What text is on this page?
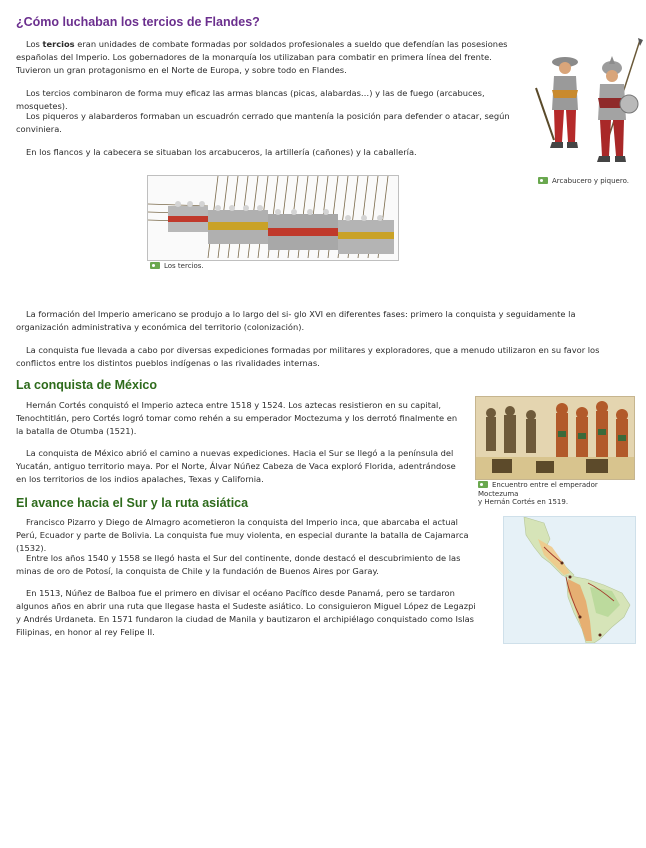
¿Cómo luchaban los tercios de Flandes?

Los tercios eran unidades de combate formadas por soldados profesionales a sueldo que defendían las posesiones españolas del Imperio. Los gobernadores de la monarquía los utilizaban para combatir en primera línea del frente. Tuvieron un gran protagonismo en el Norte de Europa, y sobre todo en Flandes.

Los tercios combinaron de forma muy eficaz las armas blancas (picas, alabardas…) y las de fuego (arcabuces, mosquetes).

Los piqueros y alabarderos formaban un escuadrón cerrado que mantenía la posición para defender o atacar, según conviniera.

En los flancos y la cabecera se situaban los arcabuceros, la artillería (cañones) y la caballería.

Arcabucero y piquero.
Los tercios.

La formación del Imperio americano se produjo a lo largo del si- glo XVI en diferentes fases: primero la conquista y seguidamente la organización administrativa y económica del territorio (colonización).

La conquista fue llevada a cabo por diversas expediciones formadas por militares y exploradores, que a menudo utilizaron en su favor los conflictos entre los distintos pueblos indígenas o las rivalidades internas.

La conquista de México

Hernán Cortés conquistó el Imperio azteca entre 1518 y 1524. Los aztecas resistieron en su capital, Tenochtitlán, pero Cortés logró tomar como rehén a su emperador Moctezuma y los derrotó finalmente en la batalla de Otumba (1521).

La conquista de México abrió el camino a nuevas expediciones. Hacia el Sur se llegó a la península del Yucatán, antiguo territorio maya. Por el Norte, Álvar Núñez Cabeza de Vaca exploró Florida, adentrándose en los territorios de los indios apalaches, Texas y California.

Encuentro entre el emperador Moctezuma
y Hernán Cortés en 1519.
El avance hacia el Sur y la ruta asiática

Francisco Pizarro y Diego de Almagro acometieron la conquista del Imperio inca, que abarcaba el actual Perú, Ecuador y parte de Bolivia. La conquista fue muy violenta, en especial durante la batalla de Cajamarca (1532).

Entre los años 1540 y 1558 se llegó hasta el Sur del continente, donde destacó el descubrimiento de las minas de oro de Potosí, la conquista de Chile y la fundación de Buenos Aires por Garay.

En 1513, Núñez de Balboa fue el primero en divisar el océano Pacífico desde Panamá, pero se tardaron algunos años en abrir una ruta que llegase hasta el Sudeste asiático. Lo consiguieron Miguel López de Legazpi y Andrés Urdaneta. En 1571 fundaron la ciudad de Manila y bautizaron el archipiélago conquistado como Islas Filipinas, en honor al rey Felipe II.
